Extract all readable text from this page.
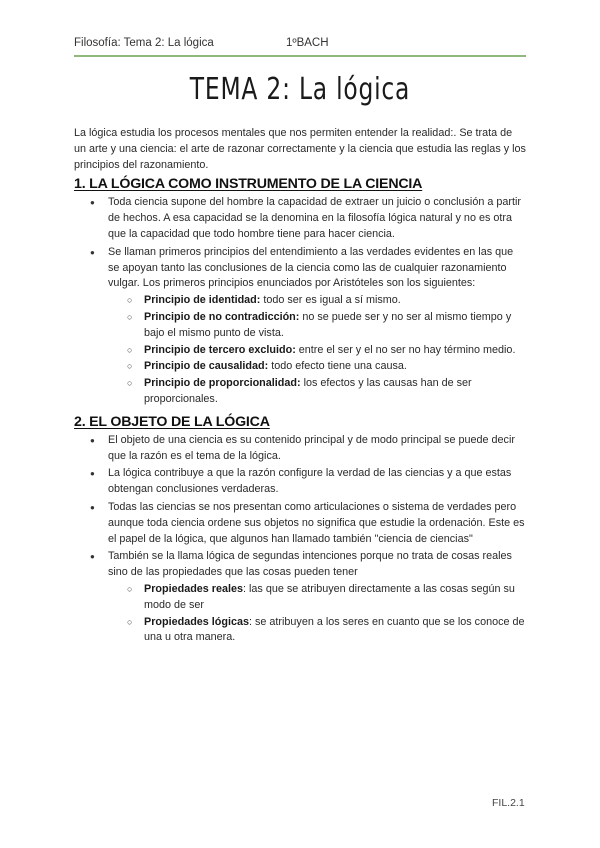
Filosofía: Tema 2: La lógica	1ºBACH
TEMA 2: La lógica

La lógica estudia los procesos mentales que nos permiten entender la realidad:. Se trata de un arte y una ciencia: el arte de razonar correctamente y la ciencia que estudia las reglas y los principios del razonamiento.

1. LA LÓGICA COMO INSTRUMENTO DE LA CIENCIA
● Toda ciencia supone del hombre la capacidad de extraer un juicio o conclusión a partir de hechos. A esa capacidad se la denomina en la filosofía lógica natural y no es otra que la capacidad que todo hombre tiene para hacer ciencia.
● Se llaman primeros principios del entendimiento a las verdades evidentes en las que se apoyan tanto las conclusiones de la ciencia como las de cualquier razonamiento vulgar. Los primeros principios enunciados por Aristóteles son los siguientes:
○ Principio de identidad: todo ser es igual a sí mismo.
○ Principio de no contradicción: no se puede ser y no ser al mismo tiempo y bajo el mismo punto de vista.
○ Principio de tercero excluido: entre el ser y el no ser no hay término medio.
○ Principio de causalidad: todo efecto tiene una causa.
○ Principio de proporcionalidad: los efectos y las causas han de ser proporcionales.
2. EL OBJETO DE LA LÓGICA
● El objeto de una ciencia es su contenido principal y de modo principal se puede decir que la razón es el tema de la lógica.
● La lógica contribuye a que la razón configure la verdad de las ciencias y a que estas obtengan conclusiones verdaderas.
● Todas las ciencias se nos presentan como articulaciones o sistema de verdades pero aunque toda ciencia ordene sus objetos no significa que estudie la ordenación. Este es el papel de la lógica, que algunos han llamado también "ciencia de ciencias"
● También se la llama lógica de segundas intenciones porque no trata de cosas reales sino de las propiedades que las cosas pueden tener
○ Propiedades reales: las que se atribuyen directamente a las cosas según su modo de ser
○ Propiedades lógicas: se atribuyen a los seres en cuanto que se los conoce de una u otra manera.
FIL.2.1
